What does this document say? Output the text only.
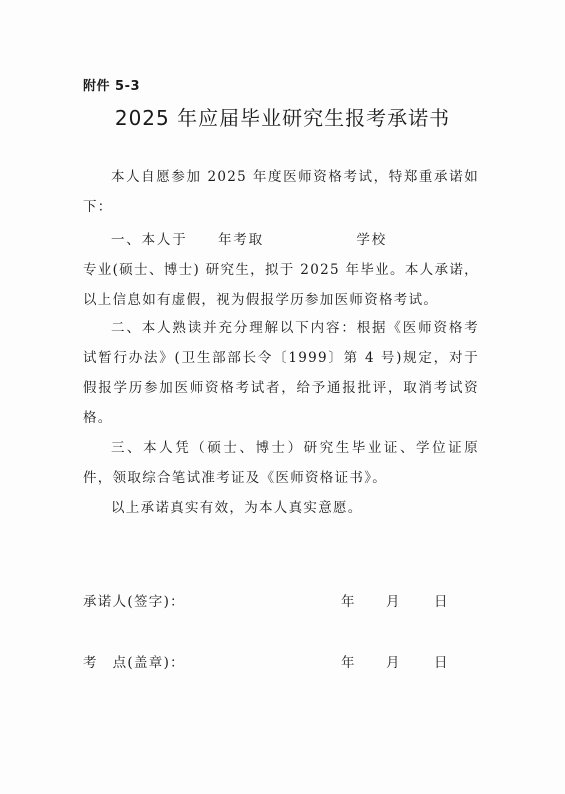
附件 5-3
2025 年应届毕业研究生报考承诺书
本人自愿参加 2025 年度医师资格考试，特郑重承诺如下：
一、本人于 年考取	学校专业(硕士、博士) 研究生，拟于 2025 年毕业。本人承诺，以上信息如有虚假，视为假报学历参加医师资格考试。
二、本人熟读并充分理解以下内容：根据《医师资格考试暂行办法》(卫生部部长令〔1999〕第 4 号)规定，对于假报学历参加医师资格考试者，给予通报批评，取消考试资格。
三、本人凭（硕士、博士）研究生毕业证、学位证原件，领取综合笔试准考证及《医师资格证书》。
以上承诺真实有效，为本人真实意愿。
承诺人(签字)：	年 月 日
考　点(盖章)：	年 月 日
